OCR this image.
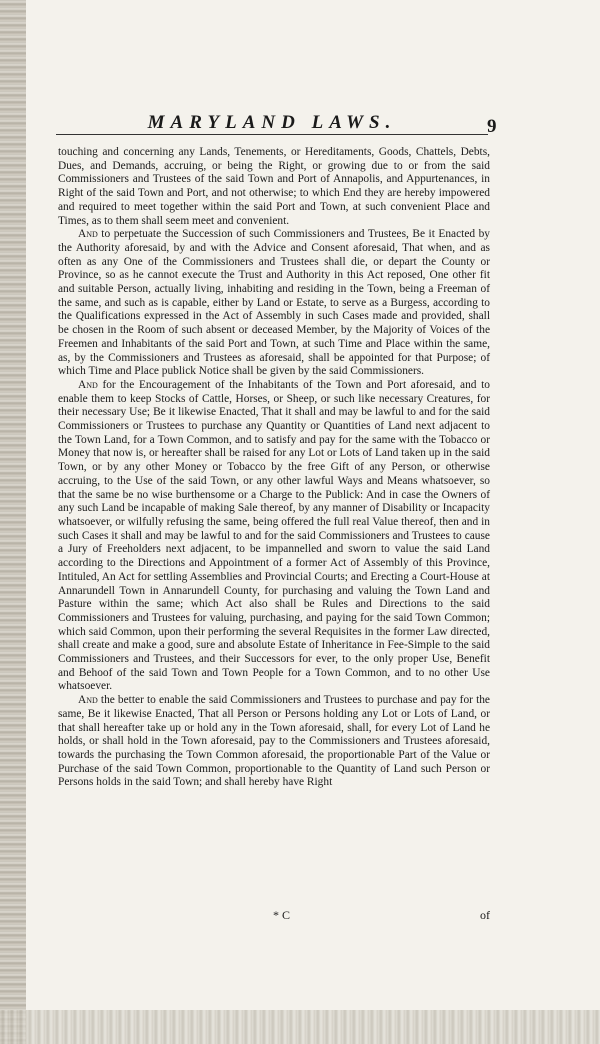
MARYLAND LAWS.	9

touching and concerning any Lands, Tenements, or Hereditaments, Goods, Chattels, Debts, Dues, and Demands, accruing, or being the Right, or growing due to or from the said Commissioners and Trustees of the said Town and Port of Annapolis, and Appurtenances, in Right of the said Town and Port, and not otherwise; to which End they are hereby impowered and required to meet together within the said Port and Town, at such convenient Place and Times, as to them shall seem meet and convenient.

And to perpetuate the Succession of such Commissioners and Trustees, Be it Enacted by the Authority aforesaid, by and with the Advice and Consent aforesaid, That when, and as often as any One of the Commissioners and Trustees shall die, or depart the County or Province, so as he cannot execute the Trust and Authority in this Act reposed, One other fit and suitable Person, actually living, inhabiting and residing in the Town, being a Freeman of the same, and such as is capable, either by Land or Estate, to serve as a Burgess, according to the Qualifications expressed in the Act of Assembly in such Cases made and provided, shall be chosen in the Room of such absent or deceased Member, by the Majority of Voices of the Freemen and Inhabitants of the said Port and Town, at such Time and Place within the same, as, by the Commissioners and Trustees as aforesaid, shall be appointed for that Purpose; of which Time and Place publick Notice shall be given by the said Commissioners.

And for the Encouragement of the Inhabitants of the Town and Port aforesaid, and to enable them to keep Stocks of Cattle, Horses, or Sheep, or such like necessary Creatures, for their necessary Use; Be it likewise Enacted, That it shall and may be lawful to and for the said Commissioners or Trustees to purchase any Quantity or Quantities of Land next adjacent to the Town Land, for a Town Common, and to satisfy and pay for the same with the Tobacco or Money that now is, or hereafter shall be raised for any Lot or Lots of Land taken up in the said Town, or by any other Money or Tobacco by the free Gift of any Person, or otherwise accruing, to the Use of the said Town, or any other lawful Ways and Means whatsoever, so that the same be no wise burthensome or a Charge to the Publick: And in case the Owners of any such Land be incapable of making Sale thereof, by any manner of Disability or Incapacity whatsoever, or wilfully refusing the same, being offered the full real Value thereof, then and in such Cases it shall and may be lawful to and for the said Commissioners and Trustees to cause a Jury of Freeholders next adjacent, to be impannelled and sworn to value the said Land according to the Directions and Appointment of a former Act of Assembly of this Province, Intituled, An Act for settling Assemblies and Provincial Courts; and Erecting a Court-House at Annarundell Town in Annarundell County, for purchasing and valuing the Town Land and Pasture within the same; which Act also shall be Rules and Directions to the said Commissioners and Trustees for valuing, purchasing, and paying for the said Town Common; which said Common, upon their performing the several Requisites in the former Law directed, shall create and make a good, sure and absolute Estate of Inheritance in Fee-Simple to the said Commissioners and Trustees, and their Successors for ever, to the only proper Use, Benefit and Behoof of the said Town and Town People for a Town Common, and to no other Use whatsoever.

And the better to enable the said Commissioners and Trustees to purchase and pay for the same, Be it likewise Enacted, That all Person or Persons holding any Lot or Lots of Land, or that shall hereafter take up or hold any in the Town aforesaid, shall, for every Lot of Land he holds, or shall hold in the Town aforesaid, pay to the Commissioners and Trustees aforesaid, towards the purchasing the Town Common aforesaid, the proportionable Part of the Value or Purchase of the said Town Common, proportionable to the Quantity of Land such Person or Persons holds in the said Town; and shall hereby have Right

* C	of
